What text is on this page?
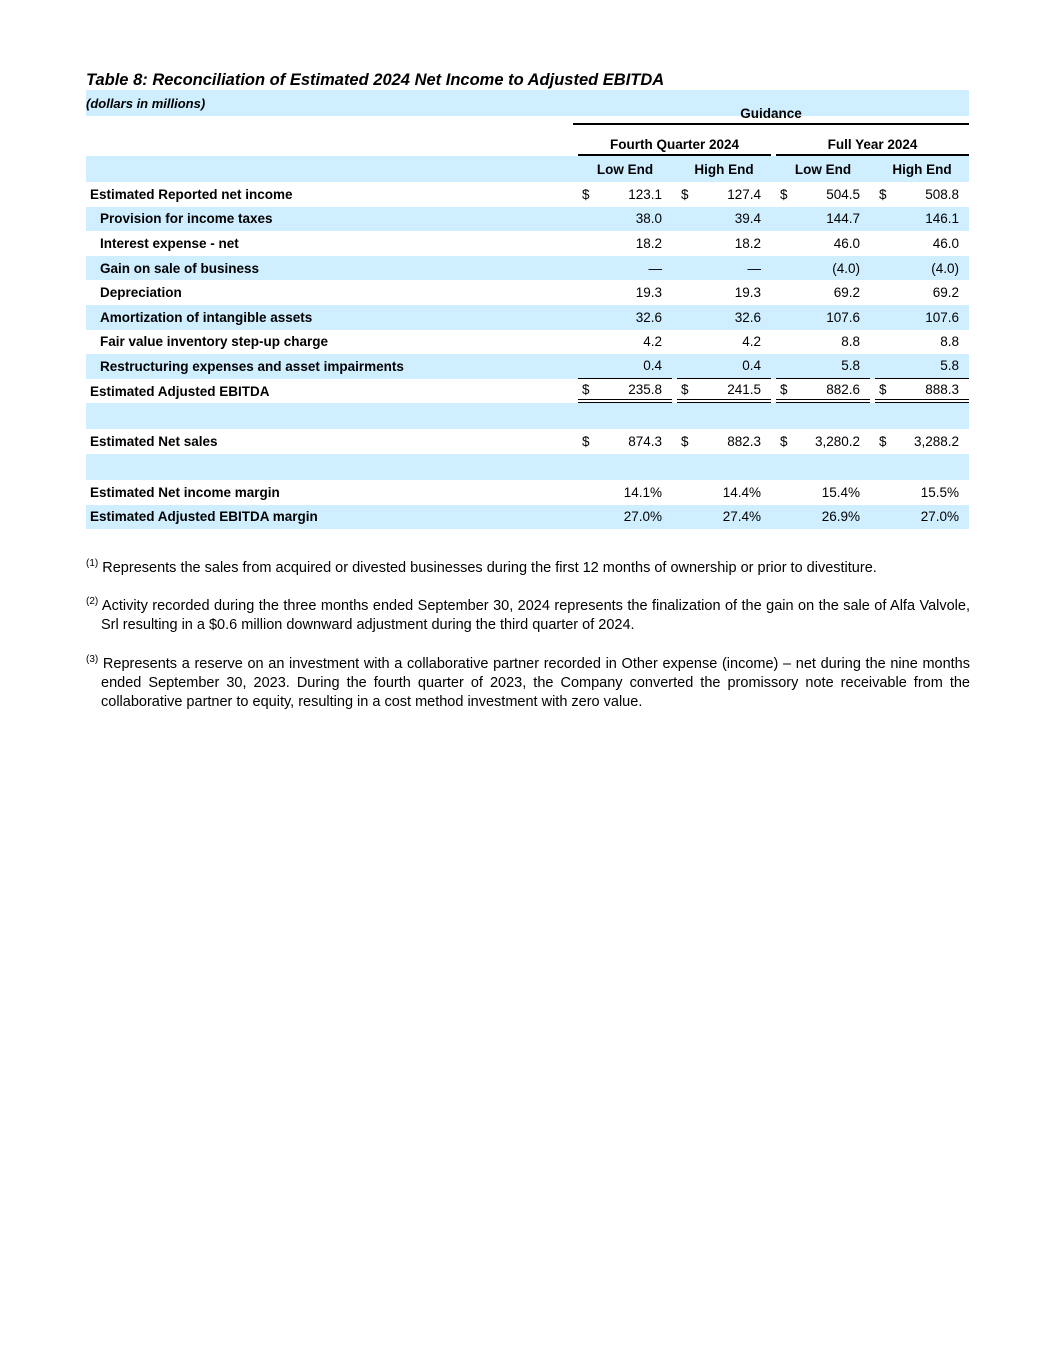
Table 8: Reconciliation of Estimated 2024 Net Income to Adjusted EBITDA
(dollars in millions)
Guidance
Fourth Quarter 2024	Full Year 2024
Low End	High End	Low End	High End
Estimated Reported net income	$	123.1 $	127.4 $	504.5 $	508.8
Provision for income taxes	38.0	39.4	144.7	146.1
Interest expense - net	18.2	18.2	46.0	46.0
Gain on sale of business	—	—	(4.0)	(4.0)
Depreciation	19.3	19.3	69.2	69.2
Amortization of intangible assets	32.6	32.6	107.6	107.6
Fair value inventory step-up charge	4.2	4.2	8.8	8.8
Restructuring expenses and asset impairments	0.4	0.4	5.8	5.8
Estimated Adjusted EBITDA	$	235.8 $	241.5 $	882.6 $	888.3
Estimated Net sales	$	874.3 $	882.3 $ 3,280.2 $ 3,288.2
Estimated Net income margin	14.1%	14.4%	15.4%	15.5%
Estimated Adjusted EBITDA margin	27.0%	27.4%	26.9%	27.0%
$^{(1)}$ Represents the sales from acquired or divested businesses during the first 12 months of ownership or prior to divestiture.
$^{(2)}$ Activity recorded during the three months ended September 30, 2024 represents the finalization of the gain on the sale of Alfa Valvole, Srl resulting in a $0.6 million downward adjustment during the third quarter of 2024.
$^{(3)}$ Represents a reserve on an investment with a collaborative partner recorded in Other expense (income) – net during the nine months ended September 30, 2023. During the fourth quarter of 2023, the Company converted the promissory note receivable from the collaborative partner to equity, resulting in a cost method investment with zero value.
